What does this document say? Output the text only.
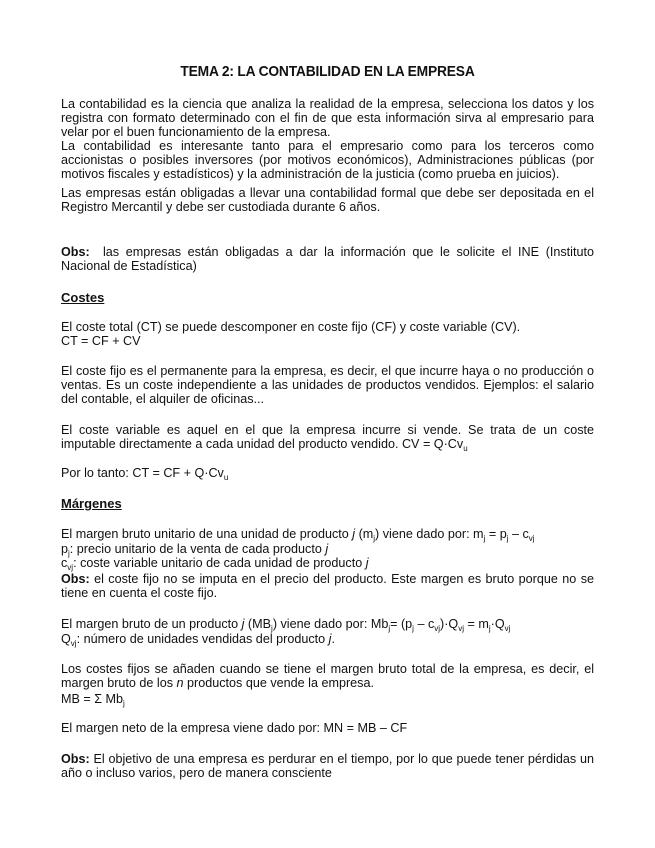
TEMA 2: LA CONTABILIDAD EN LA EMPRESA
La contabilidad es la ciencia que analiza la realidad de la empresa, selecciona los datos y los registra con formato determinado con el fin de que esta información sirva al empresario para velar por el buen funcionamiento de la empresa.
La contabilidad es interesante tanto para el empresario como para los terceros como accionistas o posibles inversores (por motivos económicos), Administraciones públicas (por motivos fiscales y estadísticos) y la administración de la justicia (como prueba en juicios).
Las empresas están obligadas a llevar una contabilidad formal que debe ser depositada en el Registro Mercantil y debe ser custodiada durante 6 años.
Obs: las empresas están obligadas a dar la información que le solicite el INE (Instituto Nacional de Estadística)
Costes
El coste total (CT) se puede descomponer en coste fijo (CF) y coste variable (CV).
CT = CF + CV
El coste fijo es el permanente para la empresa, es decir, el que incurre haya o no producción o ventas. Es un coste independiente a las unidades de productos vendidos. Ejemplos: el salario del contable, el alquiler de oficinas...
El coste variable es aquel en el que la empresa incurre si vende. Se trata de un coste imputable directamente a cada unidad del producto vendido. CV = $Q\cdot Cv_u$
Por lo tanto: CT = CF + $Q\cdot Cv_u$
Márgenes
El margen bruto unitario de una unidad de producto j $(m_j)$ viene dado por: $m_j = p_j - c_{vj}$
$p_j$: precio unitario de la venta de cada producto j
$c_{vj}$: coste variable unitario de cada unidad de producto j
Obs: el coste fijo no se imputa en el precio del producto. Este margen es bruto porque no se tiene en cuenta el coste fijo.
El margen bruto de un producto j $(MB_j)$ viene dado por: $Mb_j= (p_j - c_{vj})\cdot Q_{vj} = m_j\cdot Q_{vj}$
$Q_{vj}$: número de unidades vendidas del producto j.
Los costes fijos se añaden cuando se tiene el margen bruto total de la empresa, es decir, el margen bruto de los n productos que vende la empresa.
MB = Σ $Mb_j$
El margen neto de la empresa viene dado por: MN = MB – CF
Obs: El objetivo de una empresa es perdurar en el tiempo, por lo que puede tener pérdidas un año o incluso varios, pero de manera consciente
